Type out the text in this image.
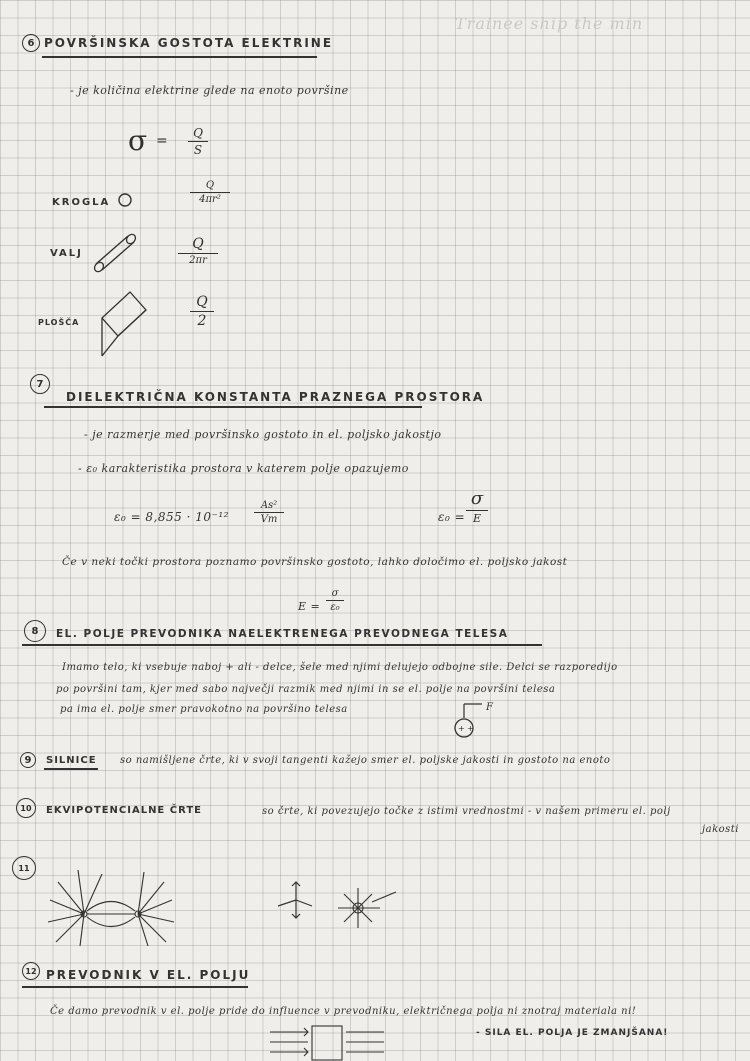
Trainee ship the min
6 POVRŠINSKA GOSTOTA ELEKTRINE
- je količina elektrine glede na enoto površine
σ = Q
S
KROGLA
Q
4πr²
VALJ
Q
2πr
PLOŠČA
Q
2
7
DIELEKTRIČNA KONSTANTA PRAZNEGA PROSTORA
- je razmerje med površinsko gostoto in el. poljsko jakostjo
- ε₀ karakteristika prostora v katerem polje opazujemo
ε₀ = 8,855 · 10⁻¹²
As²
Vm	ε₀ =
σ
E
Če v neki točki prostora poznamo površinsko gostoto, lahko določimo el. poljsko jakost
E =
σ
ε₀
8	EL. POLJE PREVODNIKA NAELEKTRENEGA PREVODNEGA TELESA
Imamo telo, ki vsebuje naboj + ali - delce, šele med njimi delujejo odbojne sile. Delci se razporedijo
po površini tam, kjer med sabo največji razmik med njimi in se el. polje na površini telesa
pa ima el. polje smer pravokotno na površino telesa
+ +
F
9	SILNICE so namišljene črte, ki v svoji tangenti kažejo smer el. poljske jakosti in gostoto na enoto
10	EKVIPOTENCIALNE ČRTE	so črte, ki povezujejo točke z istimi vrednostmi - v našem primeru el. polj
jakosti
11
12 PREVODNIK V EL. POLJU
Če damo prevodnik v el. polje pride do influence v prevodniku, električnega polja ni znotraj materiala ni!
- SILA EL. POLJA JE ZMANJŠANA!
